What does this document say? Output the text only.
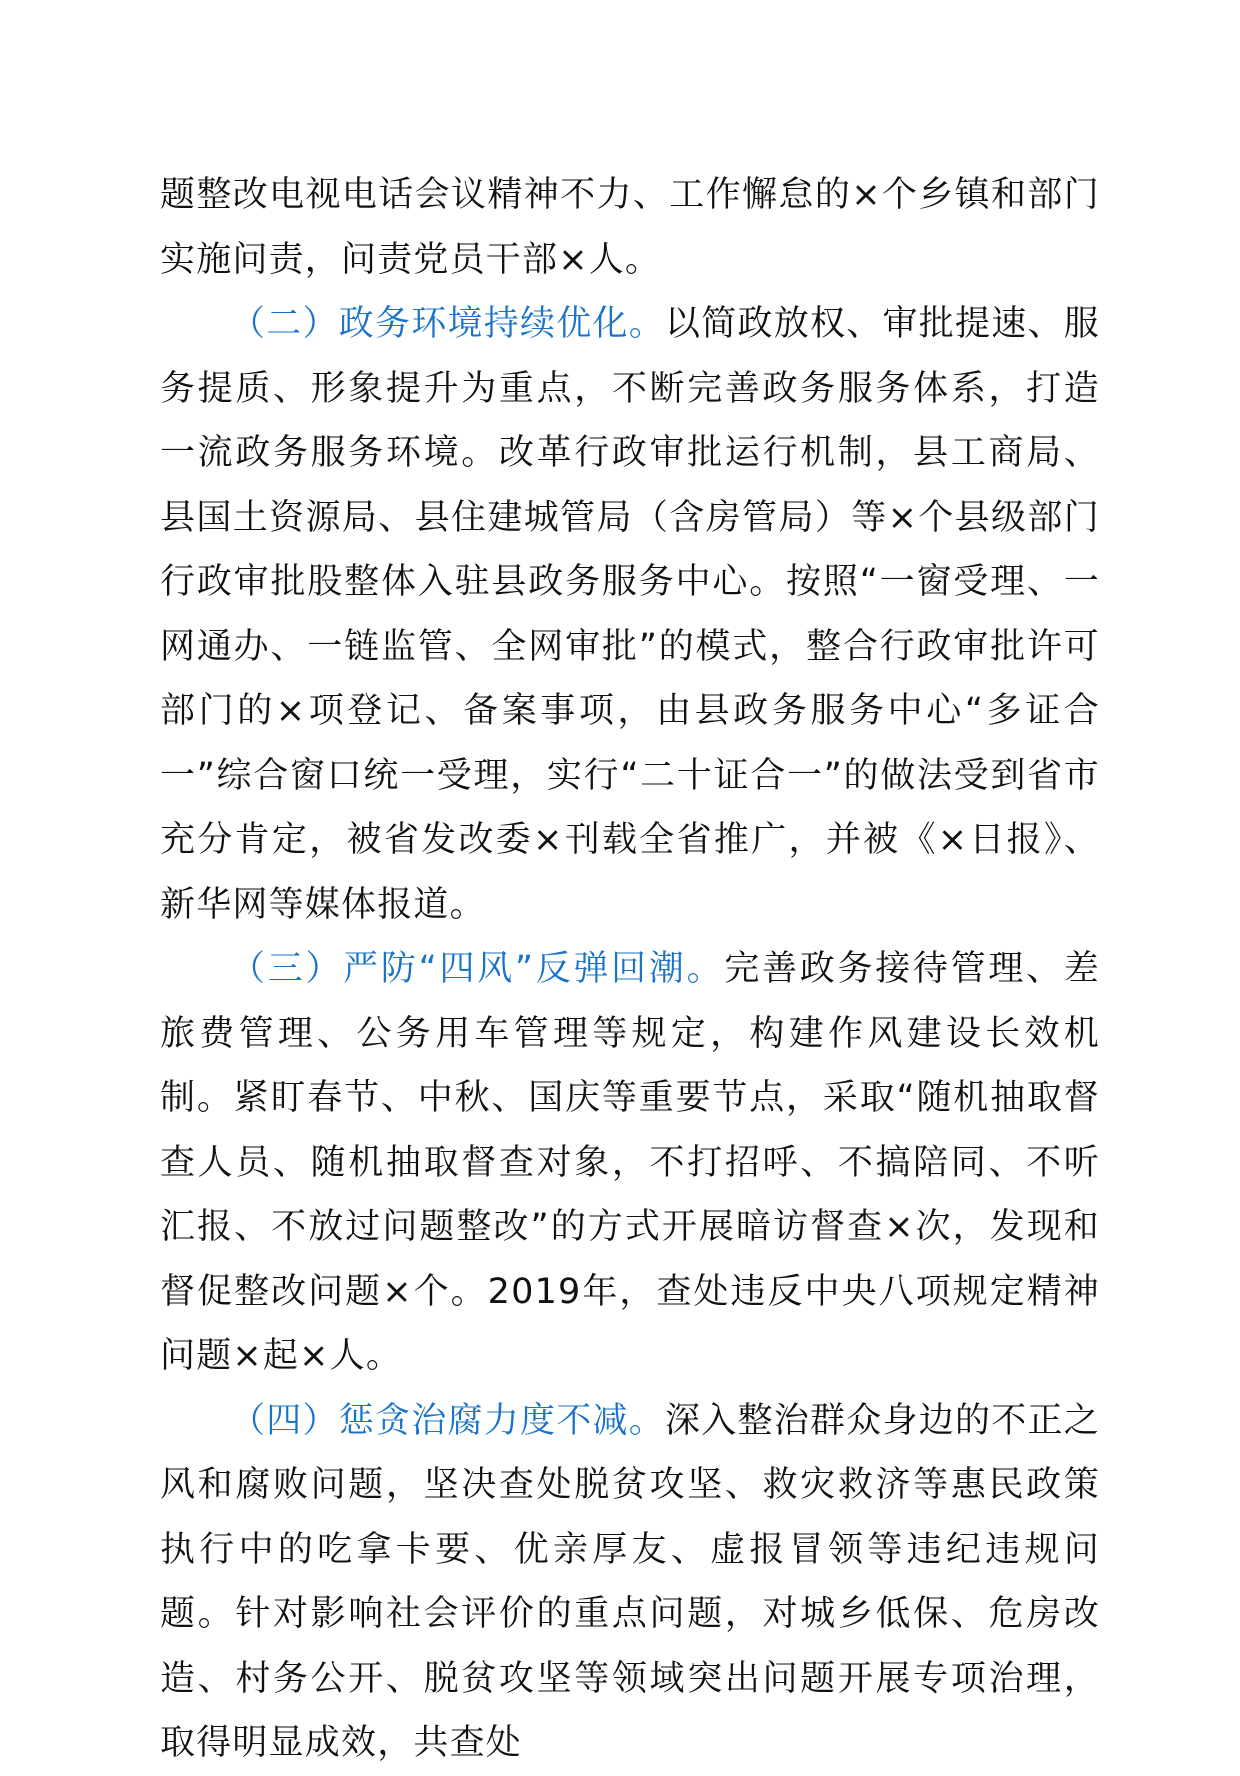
题整改电视电话会议精神不力、工作懈怠的×个乡镇和部门实施问责，问责党员干部×人。

（二）政务环境持续优化。以简政放权、审批提速、服务提质、形象提升为重点，不断完善政务服务体系，打造一流政务服务环境。改革行政审批运行机制，县工商局、县国土资源局、县住建城管局（含房管局）等×个县级部门行政审批股整体入驻县政务服务中心。按照“一窗受理、一网通办、一链监管、全网审批”的模式，整合行政审批许可部门的×项登记、备案事项，由县政务服务中心“多证合一”综合窗口统一受理，实行“二十证合一”的做法受到省市充分肯定，被省发改委×刊载全省推广，并被《×日报》、新华网等媒体报道。

（三）严防“四风”反弹回潮。完善政务接待管理、差旅费管理、公务用车管理等规定，构建作风建设长效机制。紧盯春节、中秋、国庆等重要节点，采取“随机抽取督查人员、随机抽取督查对象，不打招呼、不搞陪同、不听汇报、不放过问题整改”的方式开展暗访督查×次，发现和督促整改问题×个。2019年，查处违反中央八项规定精神问题×起×人。

（四）惩贪治腐力度不减。深入整治群众身边的不正之风和腐败问题，坚决查处脱贫攻坚、救灾救济等惠民政策执行中的吃拿卡要、优亲厚友、虚报冒领等违纪违规问题。针对影响社会评价的重点问题，对城乡低保、危房改造、村务公开、脱贫攻坚等领域突出问题开展专项治理，取得明显成效，共查处
